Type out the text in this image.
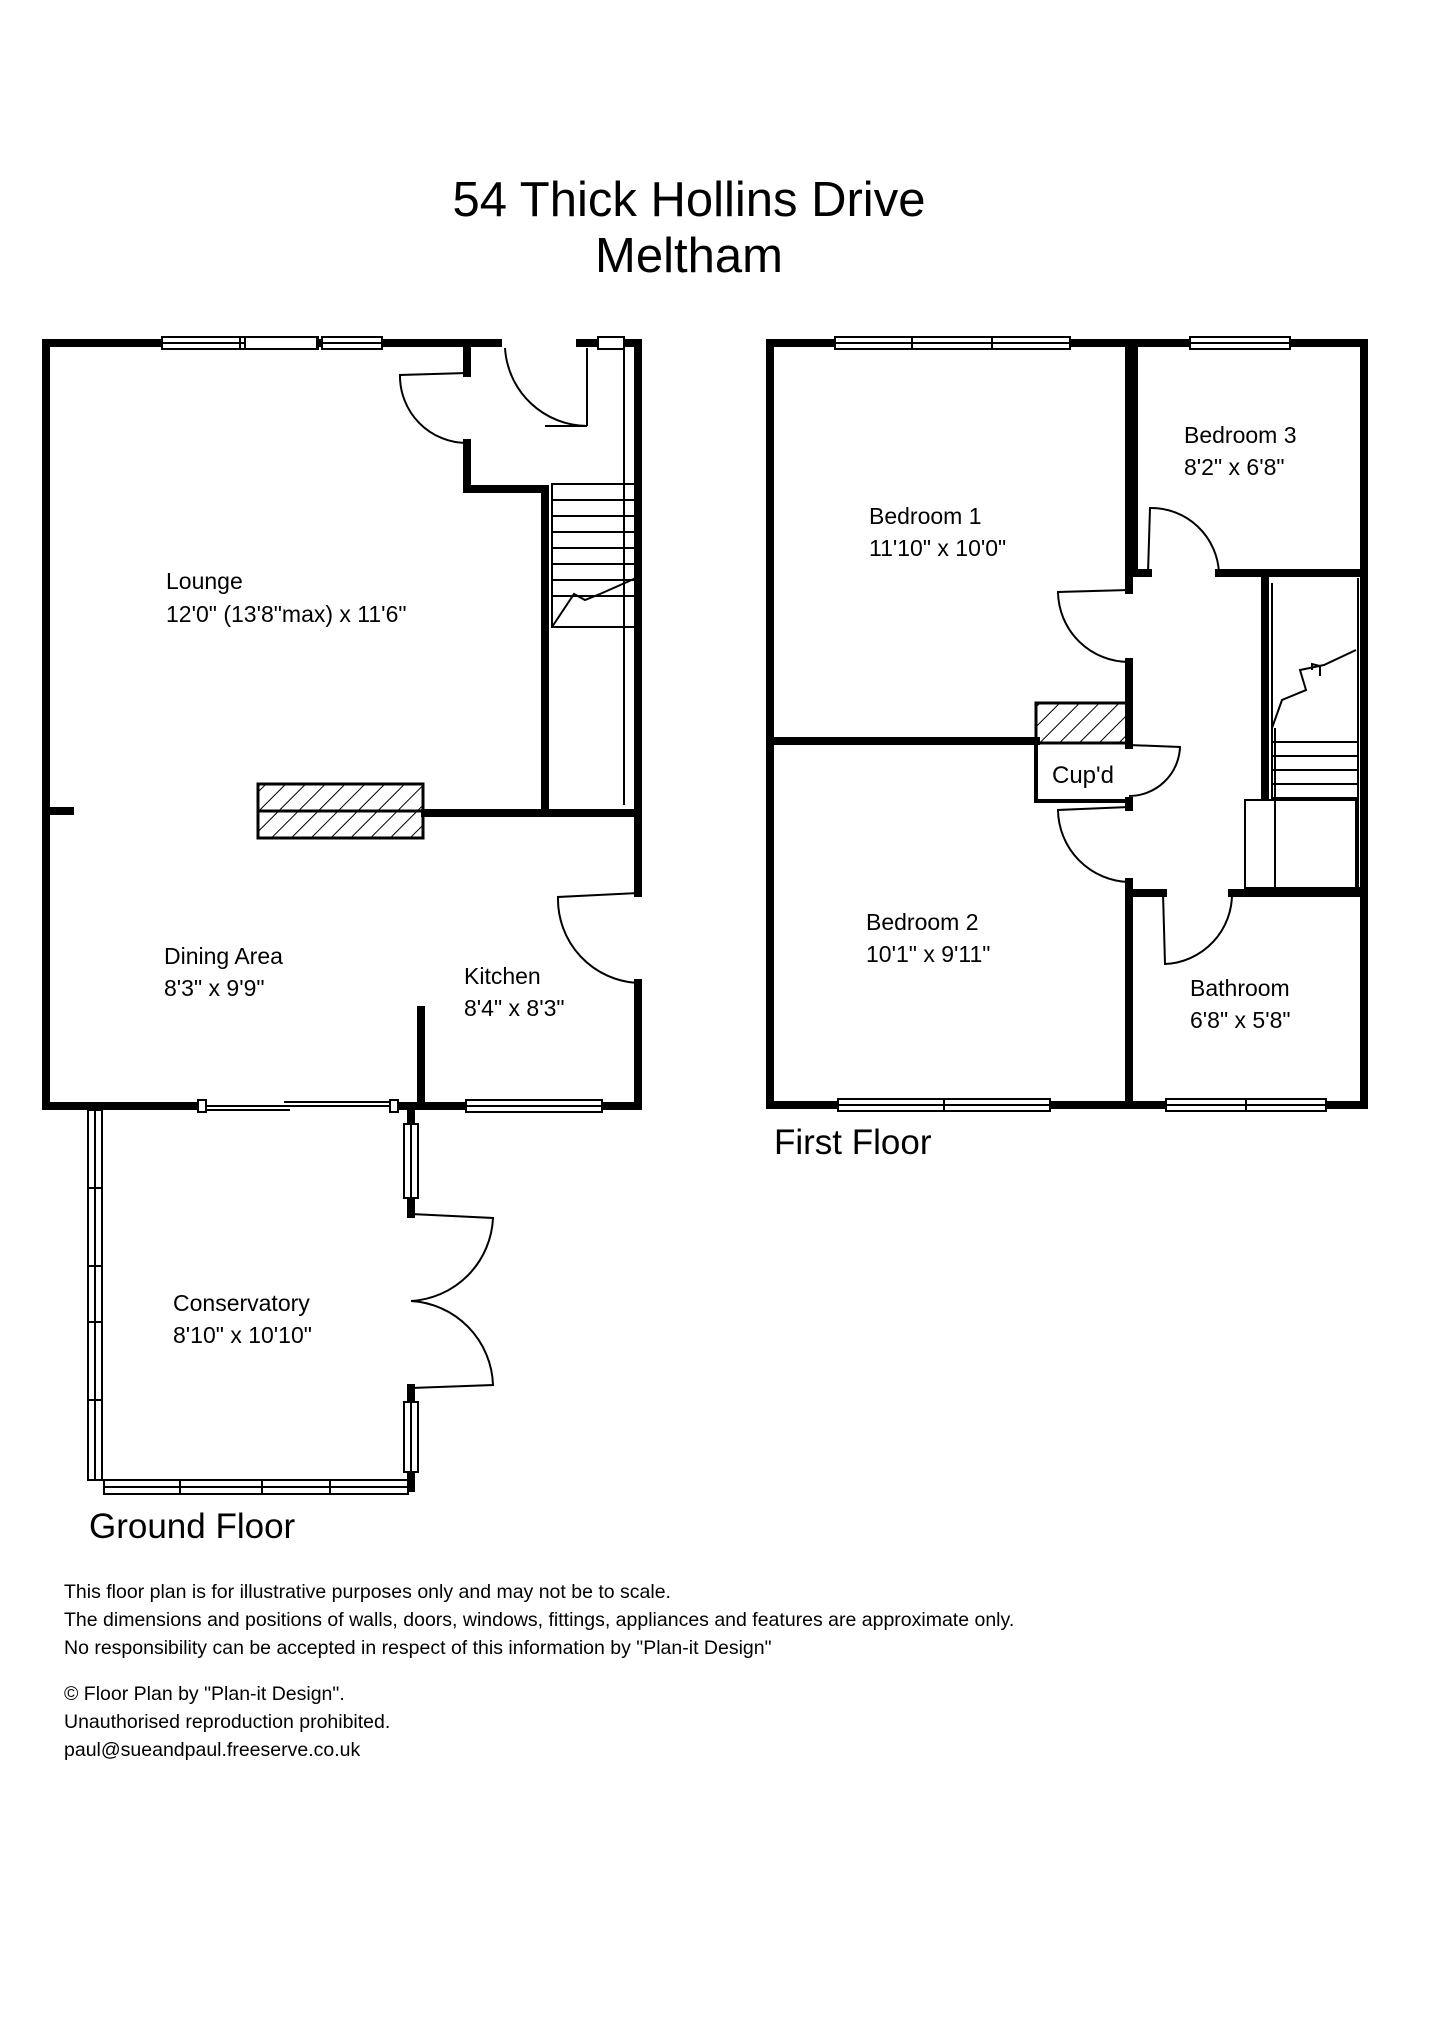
54 Thick Hollins Drive
Meltham
Lounge
12'0" (13'8"max) x 11'6"
Dining Area
8'3" x 9'9"	Kitchen
8'4" x 8'3"
Conservatory
8'10" x 10'10"
Ground Floor
Cup'd
Bedroom 1
11'10" x 10'0"
Bedroom 3
8'2" x 6'8"
Bedroom 2
10'1" x 9'11"
Bathroom
6'8" x 5'8"
First Floor
This floor plan is for illustrative purposes only and may not be to scale.
The dimensions and positions of walls, doors, windows, fittings, appliances and features are approximate only.
No responsibility can be accepted in respect of this information by "Plan-it Design"
© Floor Plan by "Plan-it Design".
Unauthorised reproduction prohibited.
paul@sueandpaul.freeserve.co.uk
